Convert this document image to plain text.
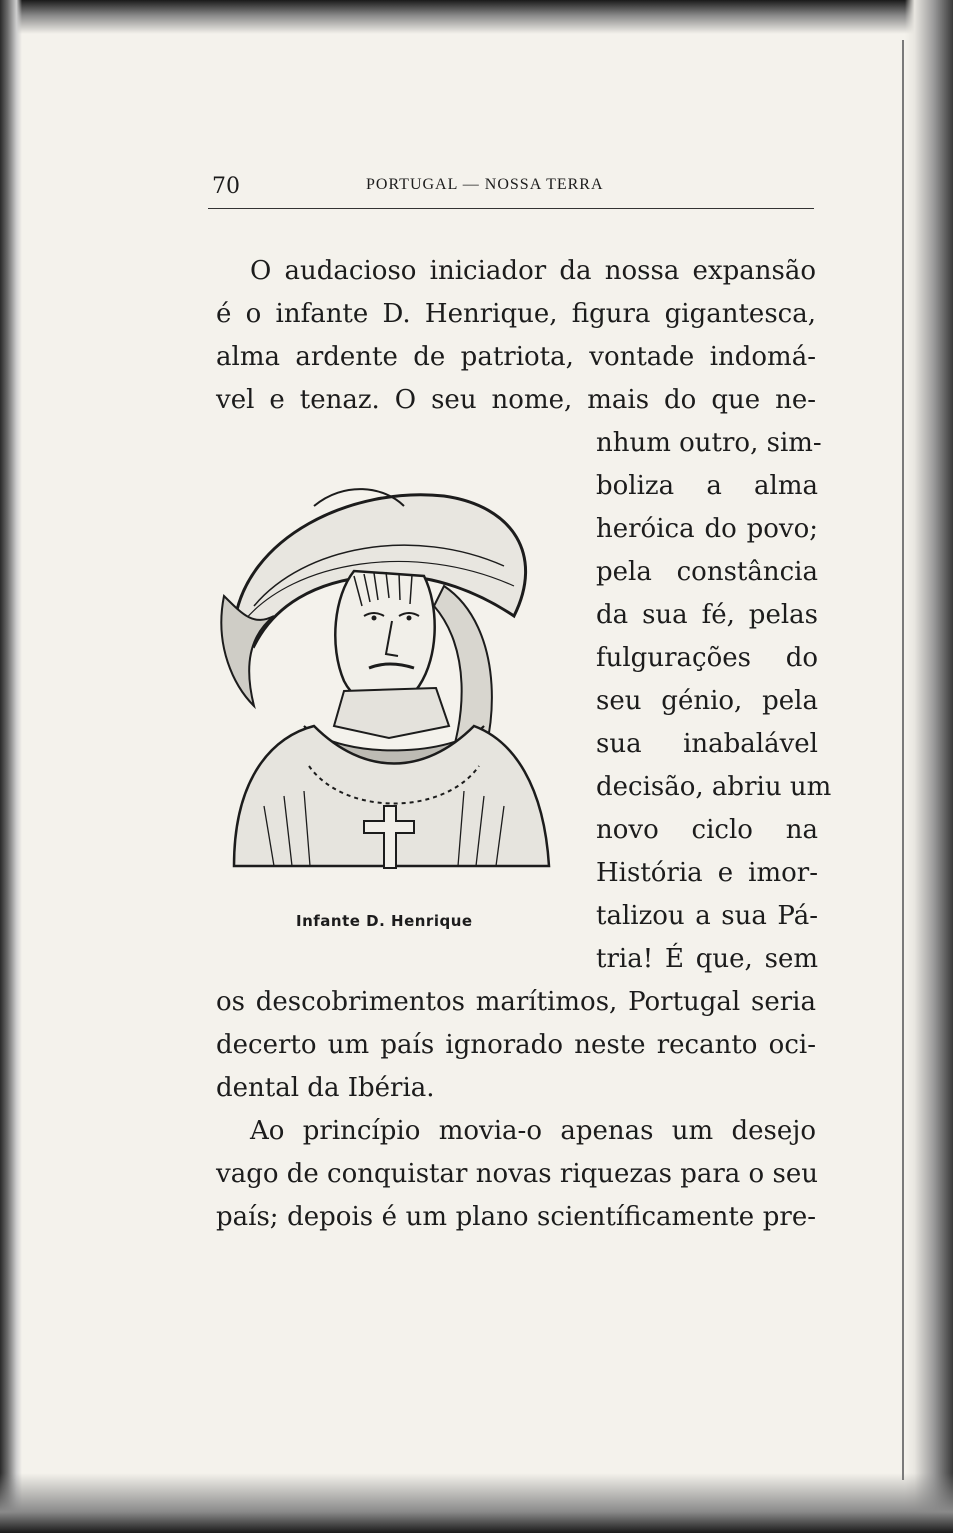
70	PORTUGAL — NOSSA TERRA
O audacioso iniciador da nossa expansão
é o infante D. Henrique, figura gigantesca,
alma ardente de patriota, vontade indomá-
vel e tenaz. O seu nome, mais do que ne-
nhum outro, sim-
boliza a alma
heróica do povo;
pela constância
da sua fé, pelas
fulgurações do
seu génio, pela
sua inabalável
decisão, abriu um
novo ciclo na
História e imor-
talizou a sua Pá-
tria! É que, sem
Infante D. Henrique
os descobrimentos marítimos, Portugal seria
decerto um país ignorado neste recanto oci-
dental da Ibéria.
Ao princípio movia-o apenas um desejo
vago de conquistar novas riquezas para o seu
país; depois é um plano scientíficamente pre-
